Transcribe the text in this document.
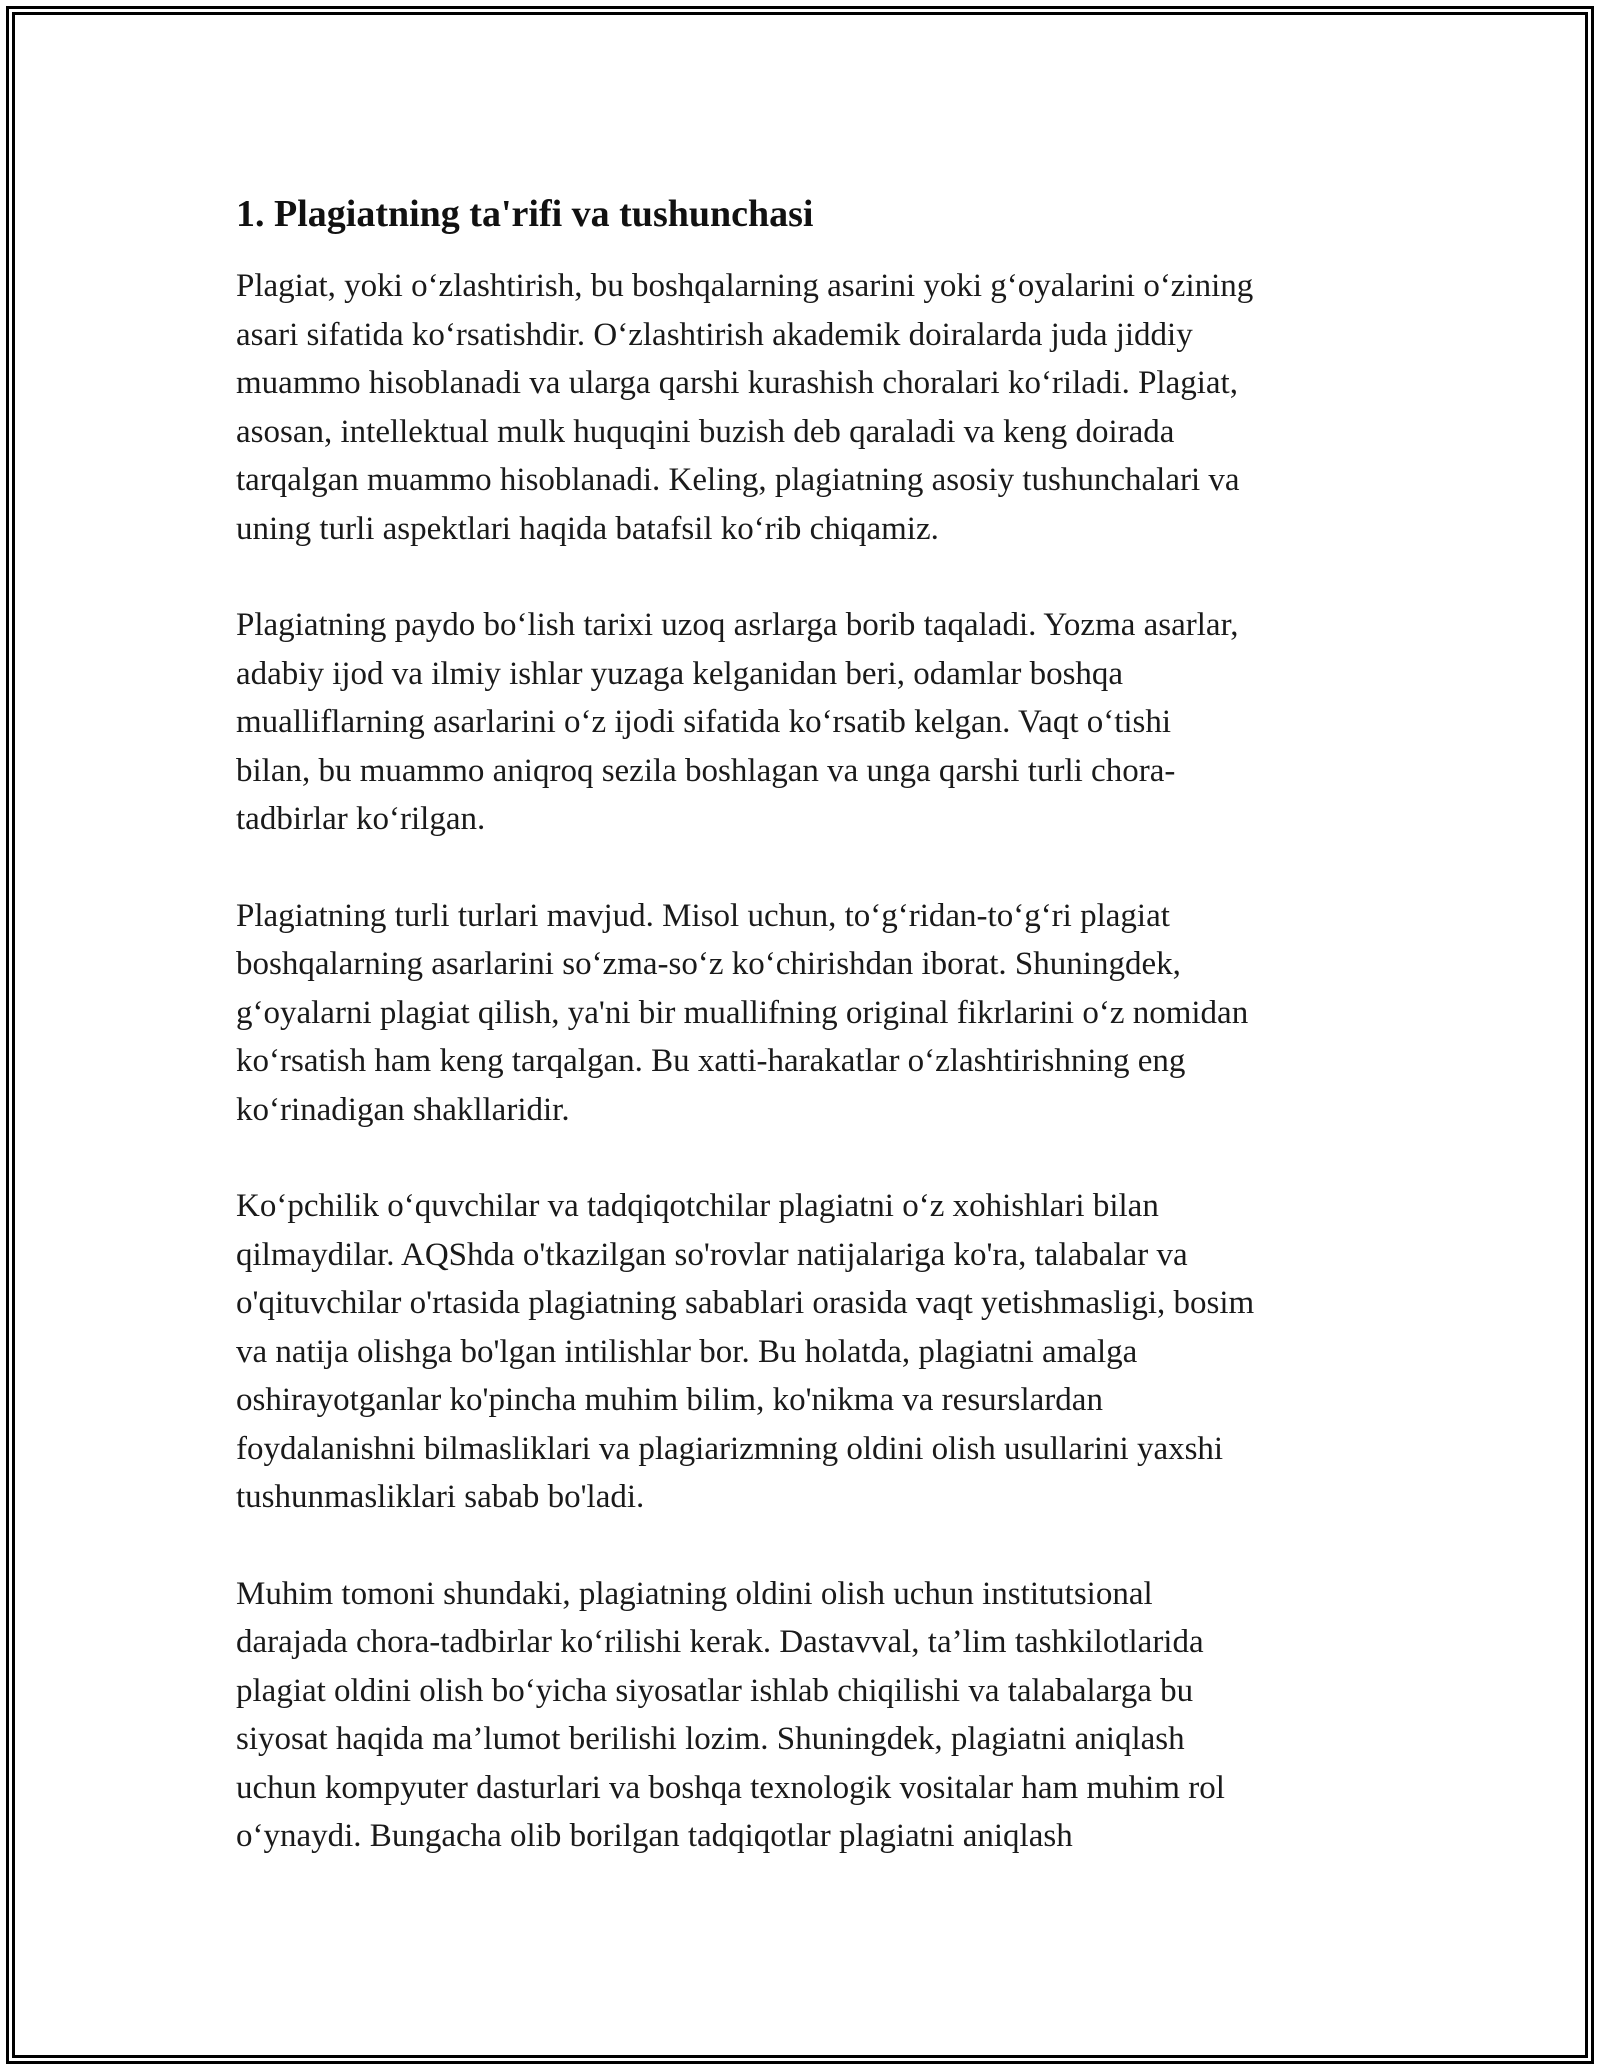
1. Plagiatning ta'rifi va tushunchasi

Plagiat, yoki o‘zlashtirish, bu boshqalarning asarini yoki g‘oyalarini o‘zining
asari sifatida ko‘rsatishdir. O‘zlashtirish akademik doiralarda juda jiddiy
muammo hisoblanadi va ularga qarshi kurashish choralari ko‘riladi. Plagiat,
asosan, intellektual mulk huquqini buzish deb qaraladi va keng doirada
tarqalgan muammo hisoblanadi. Keling, plagiatning asosiy tushunchalari va
uning turli aspektlari haqida batafsil ko‘rib chiqamiz.

Plagiatning paydo bo‘lish tarixi uzoq asrlarga borib taqaladi. Yozma asarlar,
adabiy ijod va ilmiy ishlar yuzaga kelganidan beri, odamlar boshqa
mualliflarning asarlarini o‘z ijodi sifatida ko‘rsatib kelgan. Vaqt o‘tishi
bilan, bu muammo aniqroq sezila boshlagan va unga qarshi turli chora-
tadbirlar ko‘rilgan.

Plagiatning turli turlari mavjud. Misol uchun, to‘g‘ridan-to‘g‘ri plagiat
boshqalarning asarlarini so‘zma-so‘z ko‘chirishdan iborat. Shuningdek,
g‘oyalarni plagiat qilish, ya'ni bir muallifning original fikrlarini o‘z nomidan
ko‘rsatish ham keng tarqalgan. Bu xatti-harakatlar o‘zlashtirishning eng
ko‘rinadigan shakllaridir.

Ko‘pchilik o‘quvchilar va tadqiqotchilar plagiatni o‘z xohishlari bilan
qilmaydilar. AQShda o'tkazilgan so'rovlar natijalariga ko'ra, talabalar va
o'qituvchilar o'rtasida plagiatning sabablari orasida vaqt yetishmasligi, bosim
va natija olishga bo'lgan intilishlar bor. Bu holatda, plagiatni amalga
oshirayotganlar ko'pincha muhim bilim, ko'nikma va resurslardan
foydalanishni bilmasliklari va plagiarizmning oldini olish usullarini yaxshi
tushunmasliklari sabab bo'ladi.

Muhim tomoni shundaki, plagiatning oldini olish uchun institutsional
darajada chora-tadbirlar ko‘rilishi kerak. Dastavval, ta’lim tashkilotlarida
plagiat oldini olish bo‘yicha siyosatlar ishlab chiqilishi va talabalarga bu
siyosat haqida ma’lumot berilishi lozim. Shuningdek, plagiatni aniqlash
uchun kompyuter dasturlari va boshqa texnologik vositalar ham muhim rol
o‘ynaydi. Bungacha olib borilgan tadqiqotlar plagiatni aniqlash
